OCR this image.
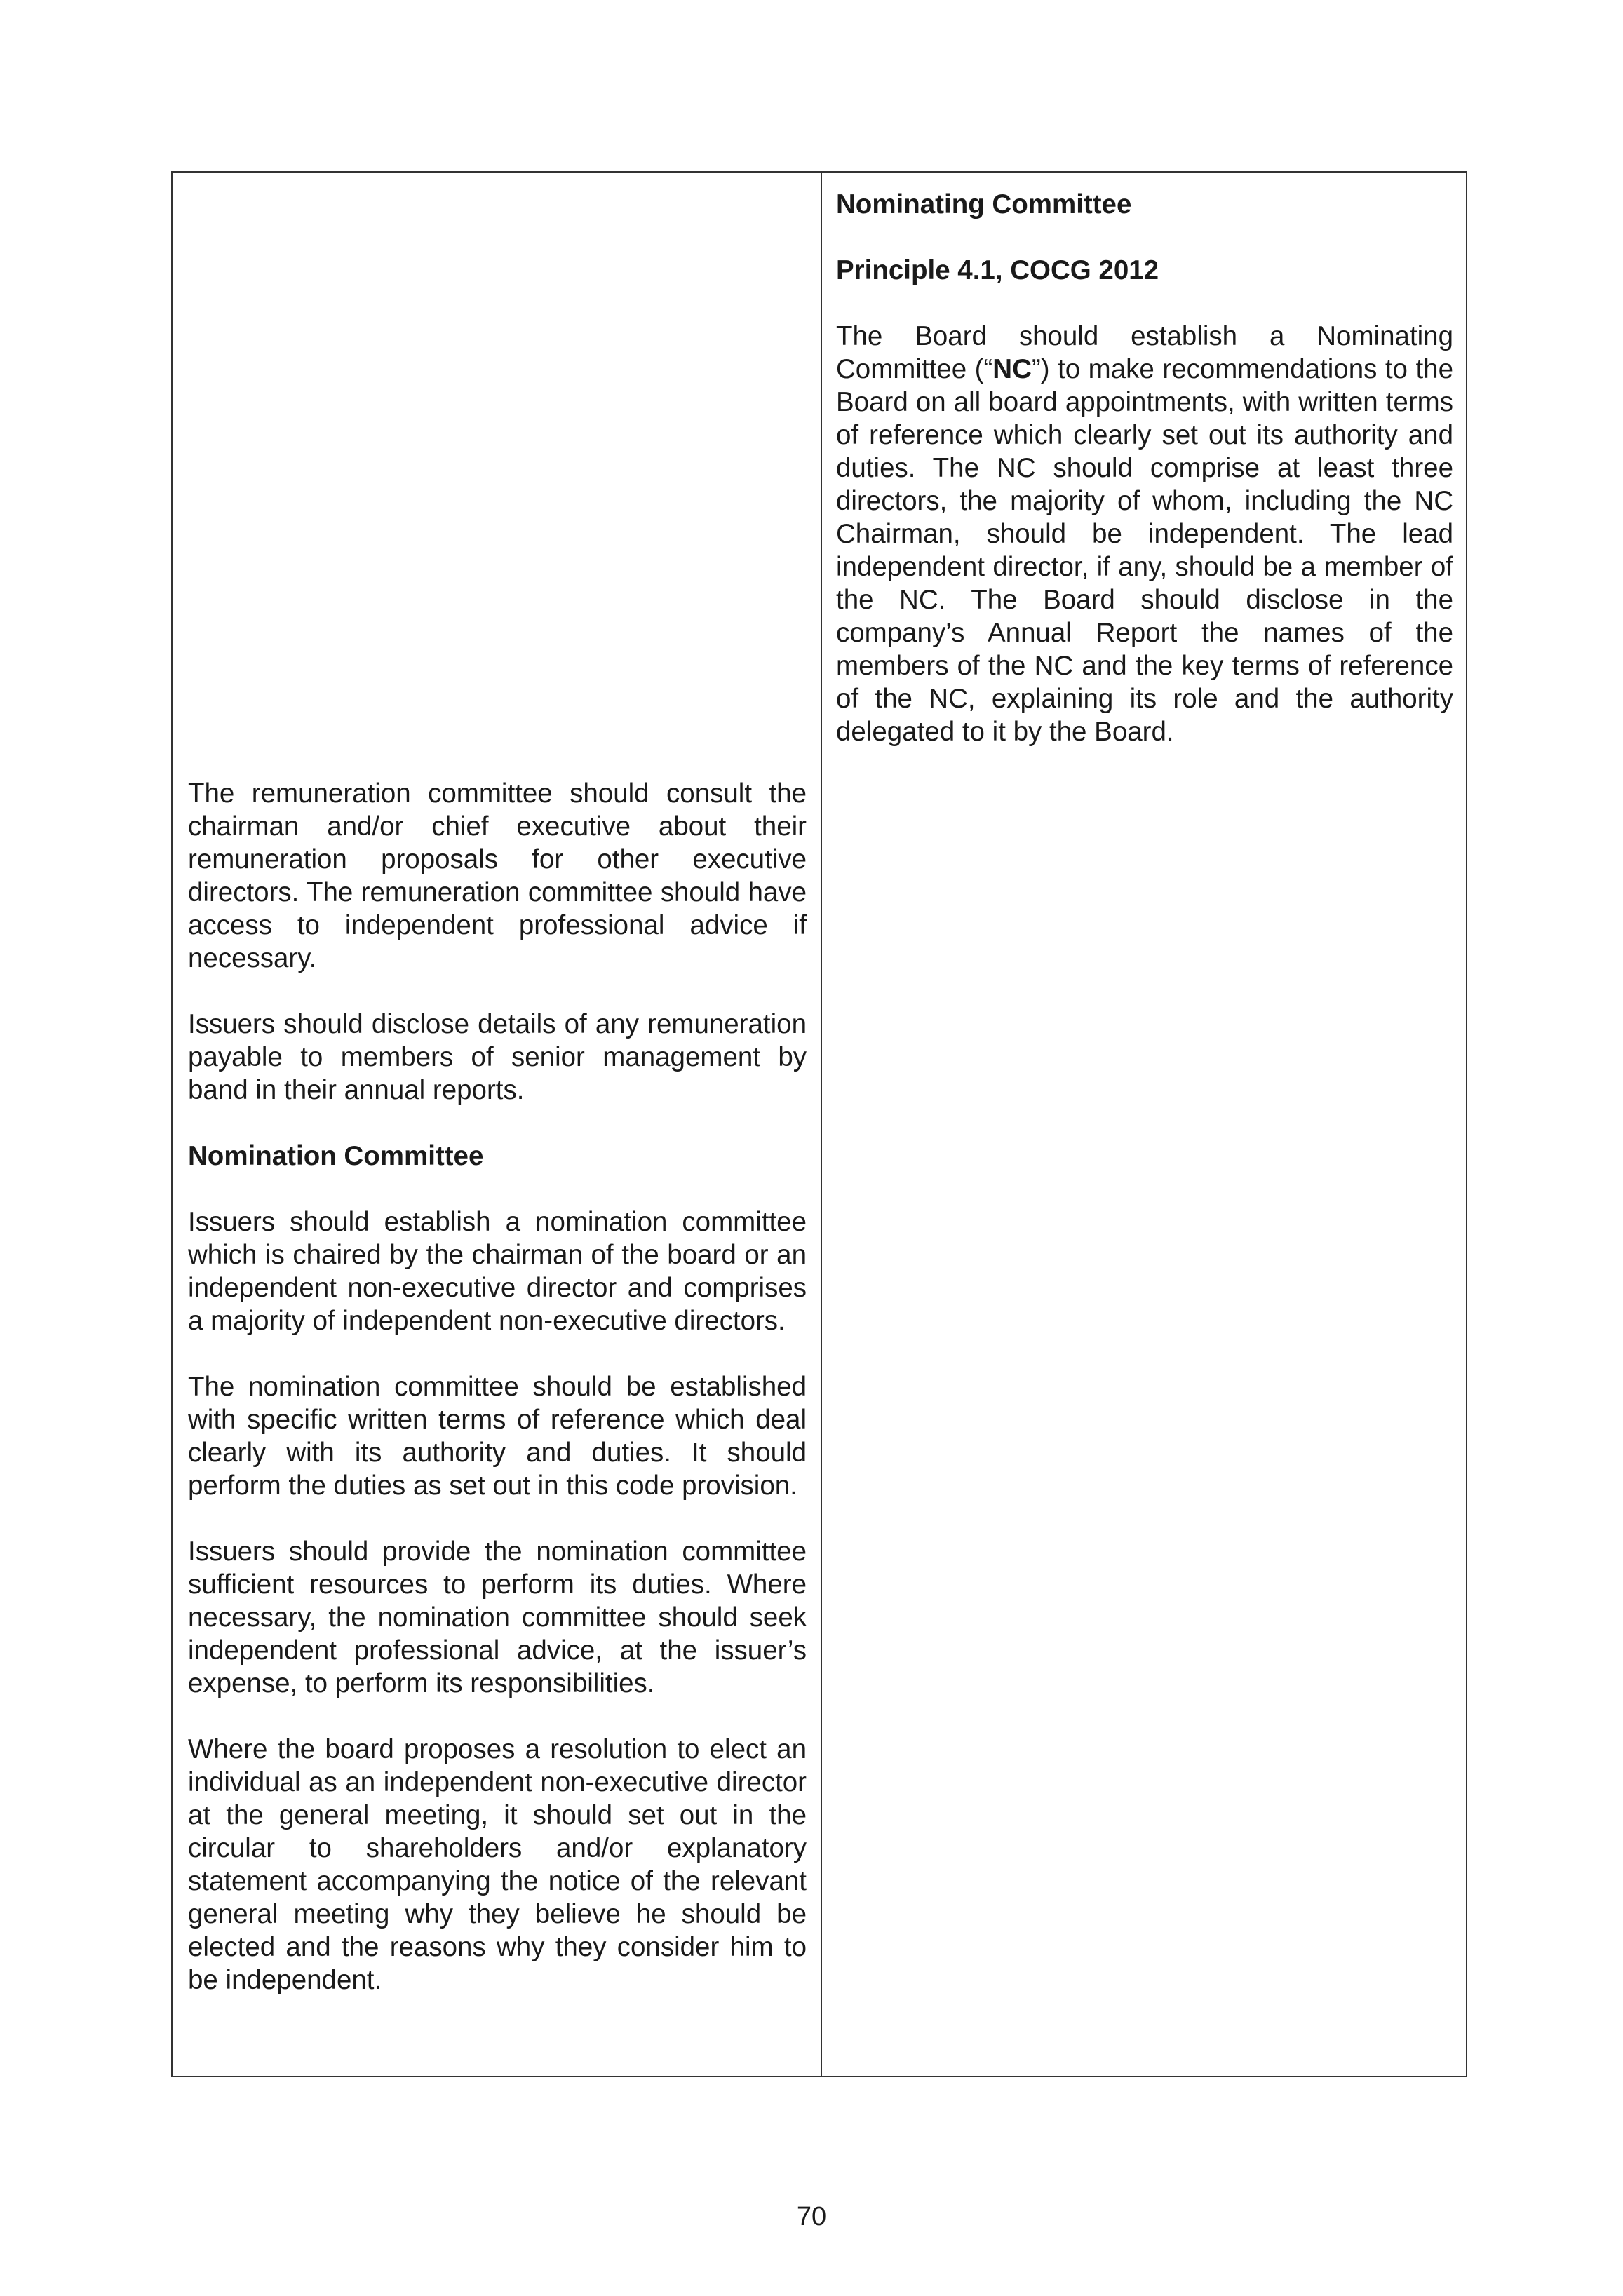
Nominating Committee

Principle 4.1, COCG 2012

The Board should establish a Nominating Committee (“NC”) to make recommendations to the Board on all board appointments, with written terms of reference which clearly set out its authority and duties. The NC should comprise at least three directors, the majority of whom, including the NC Chairman, should be independent. The lead independent director, if any, should be a member of the NC. The Board should disclose in the company’s Annual Report the names of the members of the NC and the key terms of reference of the NC, explaining its role and the authority delegated to it by the Board.

The remuneration committee should consult the chairman and/or chief executive about their remuneration proposals for other executive directors. The remuneration committee should have access to independent professional advice if necessary.

Issuers should disclose details of any remuneration payable to members of senior management by band in their annual reports.

Nomination Committee

Issuers should establish a nomination committee which is chaired by the chairman of the board or an independent non-executive director and comprises a majority of independent non-executive directors.

The nomination committee should be established with specific written terms of reference which deal clearly with its authority and duties. It should perform the duties as set out in this code provision.

Issuers should provide the nomination committee sufficient resources to perform its duties. Where necessary, the nomination committee should seek independent professional advice, at the issuer’s expense, to perform its responsibilities.

Where the board proposes a resolution to elect an individual as an independent non-executive director at the general meeting, it should set out in the circular to shareholders and/or explanatory statement accompanying the notice of the relevant general meeting why they believe he should be elected and the reasons why they consider him to be independent.

70
